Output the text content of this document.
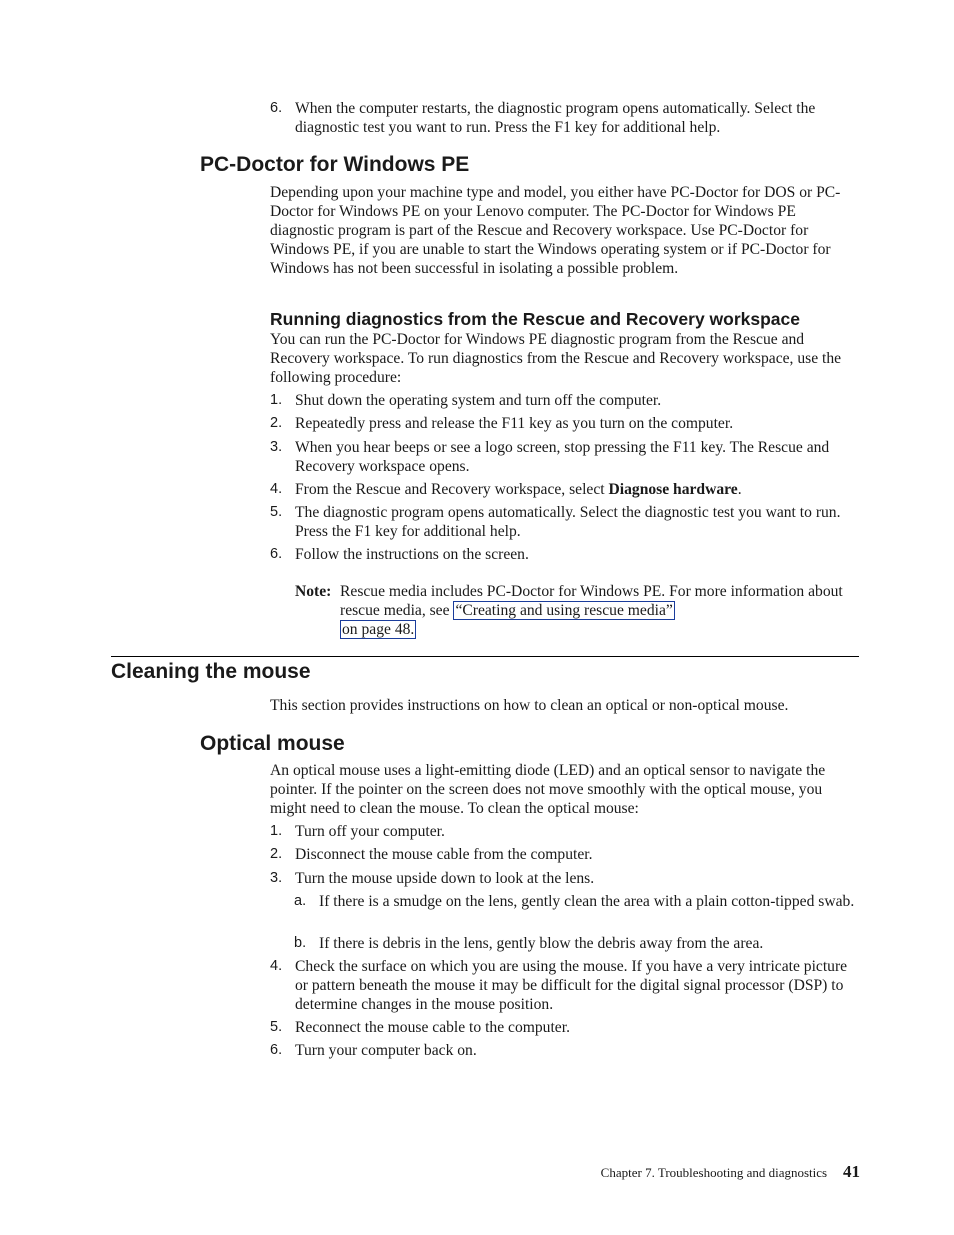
6. When the computer restarts, the diagnostic program opens automatically. Select the diagnostic test you want to run. Press the F1 key for additional help.
PC-Doctor for Windows PE
Depending upon your machine type and model, you either have PC-Doctor for DOS or PC-Doctor for Windows PE on your Lenovo computer. The PC-Doctor for Windows PE diagnostic program is part of the Rescue and Recovery workspace. Use PC-Doctor for Windows PE, if you are unable to start the Windows operating system or if PC-Doctor for Windows has not been successful in isolating a possible problem.
Running diagnostics from the Rescue and Recovery workspace
You can run the PC-Doctor for Windows PE diagnostic program from the Rescue and Recovery workspace. To run diagnostics from the Rescue and Recovery workspace, use the following procedure:
1. Shut down the operating system and turn off the computer.
2. Repeatedly press and release the F11 key as you turn on the computer.
3. When you hear beeps or see a logo screen, stop pressing the F11 key. The Rescue and Recovery workspace opens.
4. From the Rescue and Recovery workspace, select Diagnose hardware.
5. The diagnostic program opens automatically. Select the diagnostic test you want to run. Press the F1 key for additional help.
6. Follow the instructions on the screen.
Note: Rescue media includes PC-Doctor for Windows PE. For more information about rescue media, see “Creating and using rescue media”
on page 48.
Cleaning the mouse
This section provides instructions on how to clean an optical or non-optical mouse.
Optical mouse
An optical mouse uses a light-emitting diode (LED) and an optical sensor to navigate the pointer. If the pointer on the screen does not move smoothly with the optical mouse, you might need to clean the mouse. To clean the optical mouse:
1. Turn off your computer.
2. Disconnect the mouse cable from the computer.
3. Turn the mouse upside down to look at the lens.
a. If there is a smudge on the lens, gently clean the area with a plain cotton-tipped swab.
b. If there is debris in the lens, gently blow the debris away from the area.
4. Check the surface on which you are using the mouse. If you have a very intricate picture or pattern beneath the mouse it may be difficult for the digital signal processor (DSP) to determine changes in the mouse position.
5. Reconnect the mouse cable to the computer.
6. Turn your computer back on.
Chapter 7. Troubleshooting and diagnostics 41
